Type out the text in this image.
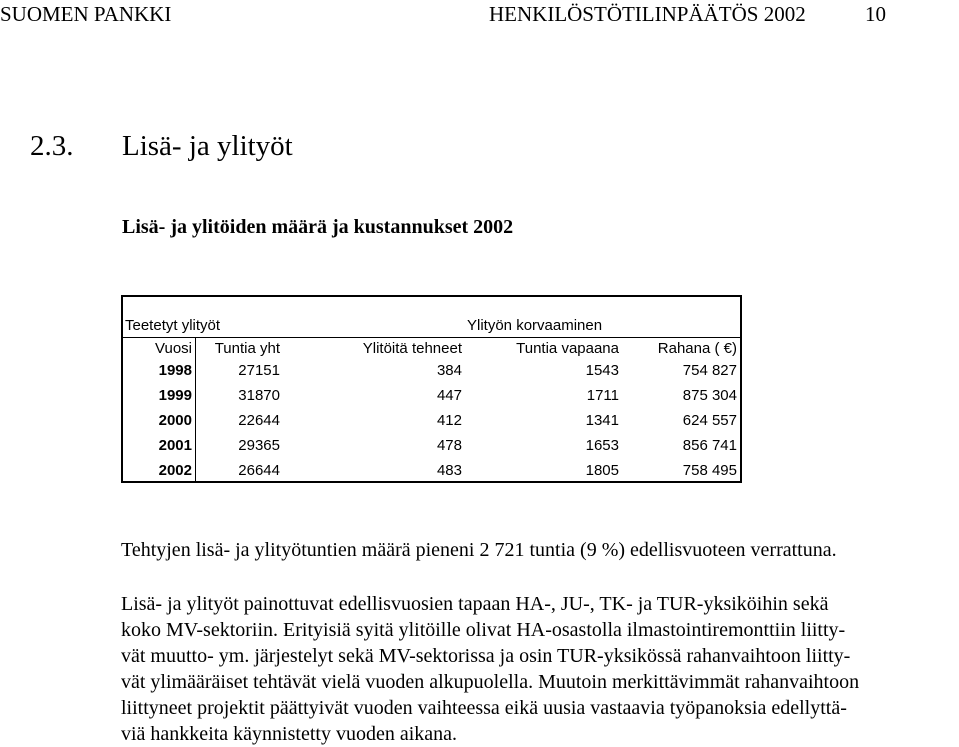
SUOMEN PANKKI	HENKILÖSTÖTILINPÄÄTÖS 2002	10
2.3. Lisä- ja ylityöt
Lisä- ja ylitöiden määrä ja kustannukset 2002
Teetetyt ylityöt	Ylityön korvaaminen
Vuosi	Tuntia yht	Ylitöitä tehneet	Tuntia vapaana	Rahana ( €)
1998	27151	384	1543	754 827
1999	31870	447	1711	875 304
2000	22644	412	1341	624 557
2001	29365	478	1653	856 741
2002	26644	483	1805	758 495
Tehtyjen lisä- ja ylityötuntien määrä pieneni 2 721 tuntia (9 %) edellisvuoteen verrattuna.
Lisä- ja ylityöt painottuvat edellisvuosien tapaan HA-, JU-, TK- ja TUR-yksiköihin sekä
koko MV-sektoriin. Erityisiä syitä ylitöille olivat HA-osastolla ilmastointiremonttiin liitty-
vät muutto- ym. järjestelyt sekä MV-sektorissa ja osin TUR-yksikössä rahanvaihtoon liitty-
vät ylimääräiset tehtävät vielä vuoden alkupuolella. Muutoin merkittävimmät rahanvaihtoon
liittyneet projektit päättyivät vuoden vaihteessa eikä uusia vastaavia työpanoksia edellyttä-
viä hankkeita käynnistetty vuoden aikana.
